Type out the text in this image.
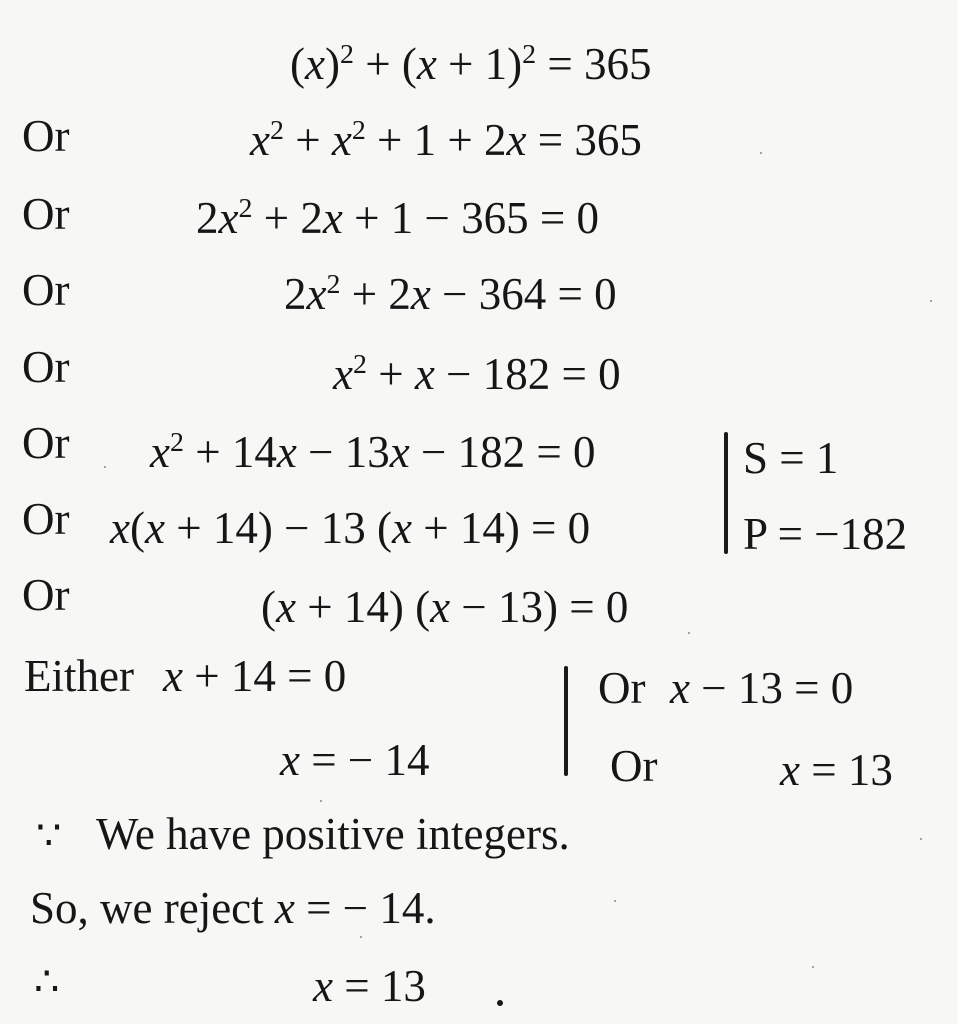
$(x)^2 + (x + 1)^2 = 365$
Or	$x^2 + x^2 + 1 + 2x = 365$
Or	$2x^2 + 2x + 1 - 365 = 0$
Or	$2x^2 + 2x - 364 = 0$
Or	$x^2 + x - 182 = 0$
Or $x^2 + 14x - 13x - 182 = 0$	S = 1
P = −182
Or x(x + 14) − 13 (x + 14) = 0
Or	(x + 14) (x − 13) = 0
Either x + 14 = 0
x = − 14
Or x − 13 = 0
Or	x = 13
∵ We have positive integers.
So, we reject x = − 14.
∴	x = 13
